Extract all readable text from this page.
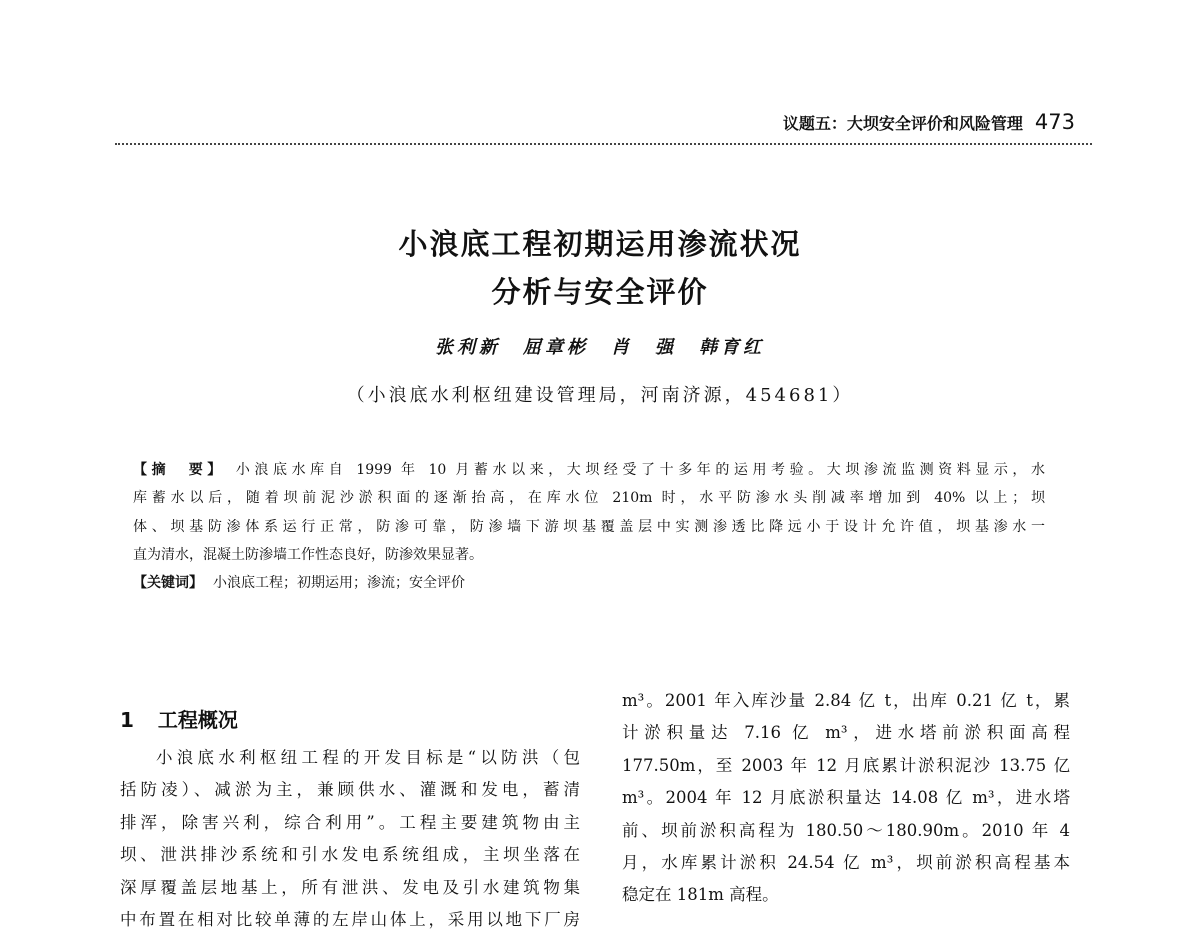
议题五：大坝安全评价和风险管理 473
小浪底工程初期运用渗流状况
分析与安全评价
张利新　屈章彬　肖　强　韩育红
（小浪底水利枢纽建设管理局，河南济源，454681）
【摘　要】 小浪底水库自 1999 年 10 月蓄水以来，大坝经受了十多年的运用考验。大坝渗流监测资料显示，水
库蓄水以后，随着坝前泥沙淤积面的逐渐抬高，在库水位 210m 时，水平防渗水头削减率增加到 40% 以上；坝
体、坝基防渗体系运行正常，防渗可靠，防渗墙下游坝基覆盖层中实测渗透比降远小于设计允许值，坝基渗水一
直为清水，混凝土防渗墙工作性态良好，防渗效果显著。
【关键词】 小浪底工程；初期运用；渗流；安全评价
1 工程概况
小浪底水利枢纽工程的开发目标是“以防洪（包
括防凌）、减淤为主，兼顾供水、灌溉和发电，蓄清
排浑，除害兴利，综合利用”。工程主要建筑物由主
坝、泄洪排沙系统和引水发电系统组成，主坝坐落在
深厚覆盖层地基上，所有泄洪、发电及引水建筑物集
中布置在相对比较单薄的左岸山体上，采用以地下厂房
m³。2001 年入库沙量 2.84 亿 t，出库 0.21 亿 t，累
计淤积量达 7.16 亿 m³，进水塔前淤积面高程
177.50m，至 2003 年 12 月底累计淤积泥沙 13.75 亿
m³。2004 年 12 月底淤积量达 14.08 亿 m³，进水塔
前、坝前淤积高程为 180.50～180.90m。2010 年 4
月，水库累计淤积 24.54 亿 m³，坝前淤积高程基本
稳定在 181m 高程。
